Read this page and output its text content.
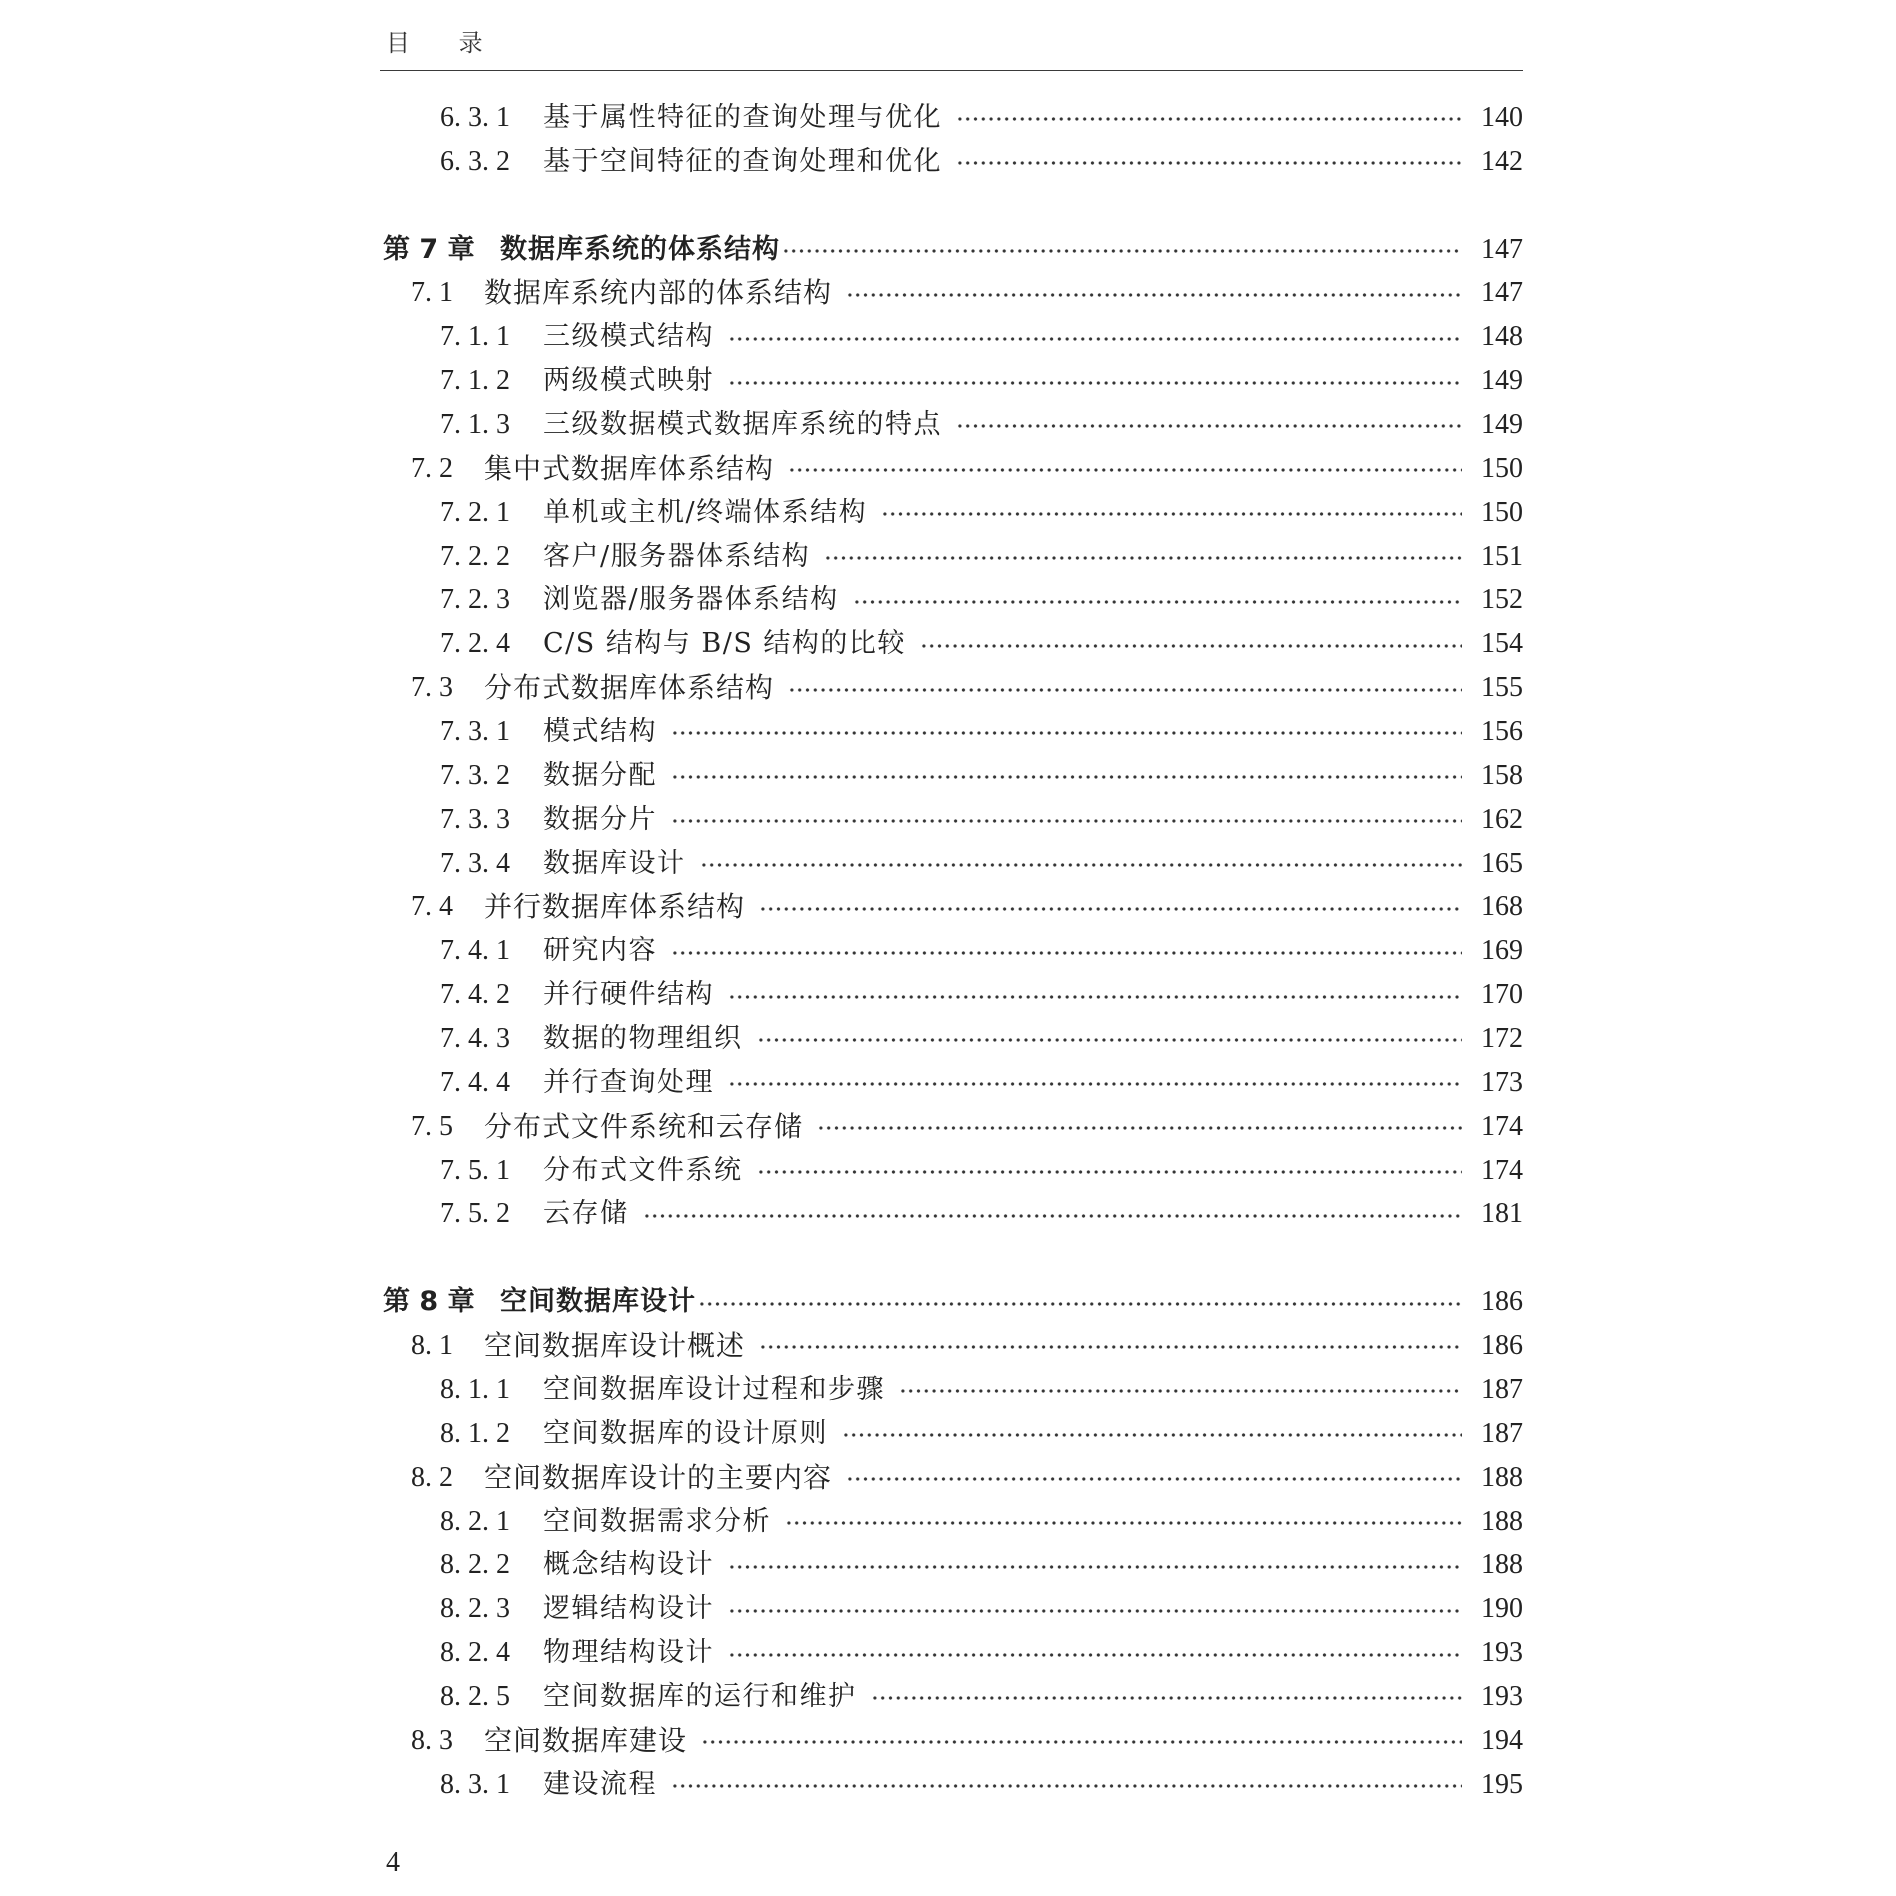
目 录
6. 3. 1	基于属性特征的查询处理与优化	140
6. 3. 2	基于空间特征的查询处理和优化	142
第 7 章 数据库系统的体系结构	147
7. 1	数据库系统内部的体系结构	147
7. 1. 1	三级模式结构	148
7. 1. 2	两级模式映射	149
7. 1. 3	三级数据模式数据库系统的特点	149
7. 2	集中式数据库体系结构	150
7. 2. 1	单机或主机/终端体系结构	150
7. 2. 2	客户/服务器体系结构	151
7. 2. 3	浏览器/服务器体系结构	152
7. 2. 4	C/S 结构与 B/S 结构的比较	154
7. 3	分布式数据库体系结构	155
7. 3. 1	模式结构	156
7. 3. 2	数据分配	158
7. 3. 3	数据分片	162
7. 3. 4	数据库设计	165
7. 4	并行数据库体系结构	168
7. 4. 1	研究内容	169
7. 4. 2	并行硬件结构	170
7. 4. 3	数据的物理组织	172
7. 4. 4	并行查询处理	173
7. 5	分布式文件系统和云存储	174
7. 5. 1	分布式文件系统	174
7. 5. 2	云存储	181
第 8 章 空间数据库设计	186
8. 1	空间数据库设计概述	186
8. 1. 1	空间数据库设计过程和步骤	187
8. 1. 2	空间数据库的设计原则	187
8. 2	空间数据库设计的主要内容	188
8. 2. 1	空间数据需求分析	188
8. 2. 2	概念结构设计	188
8. 2. 3	逻辑结构设计	190
8. 2. 4	物理结构设计	193
8. 2. 5	空间数据库的运行和维护	193
8. 3	空间数据库建设	194
8. 3. 1	建设流程	195
4
